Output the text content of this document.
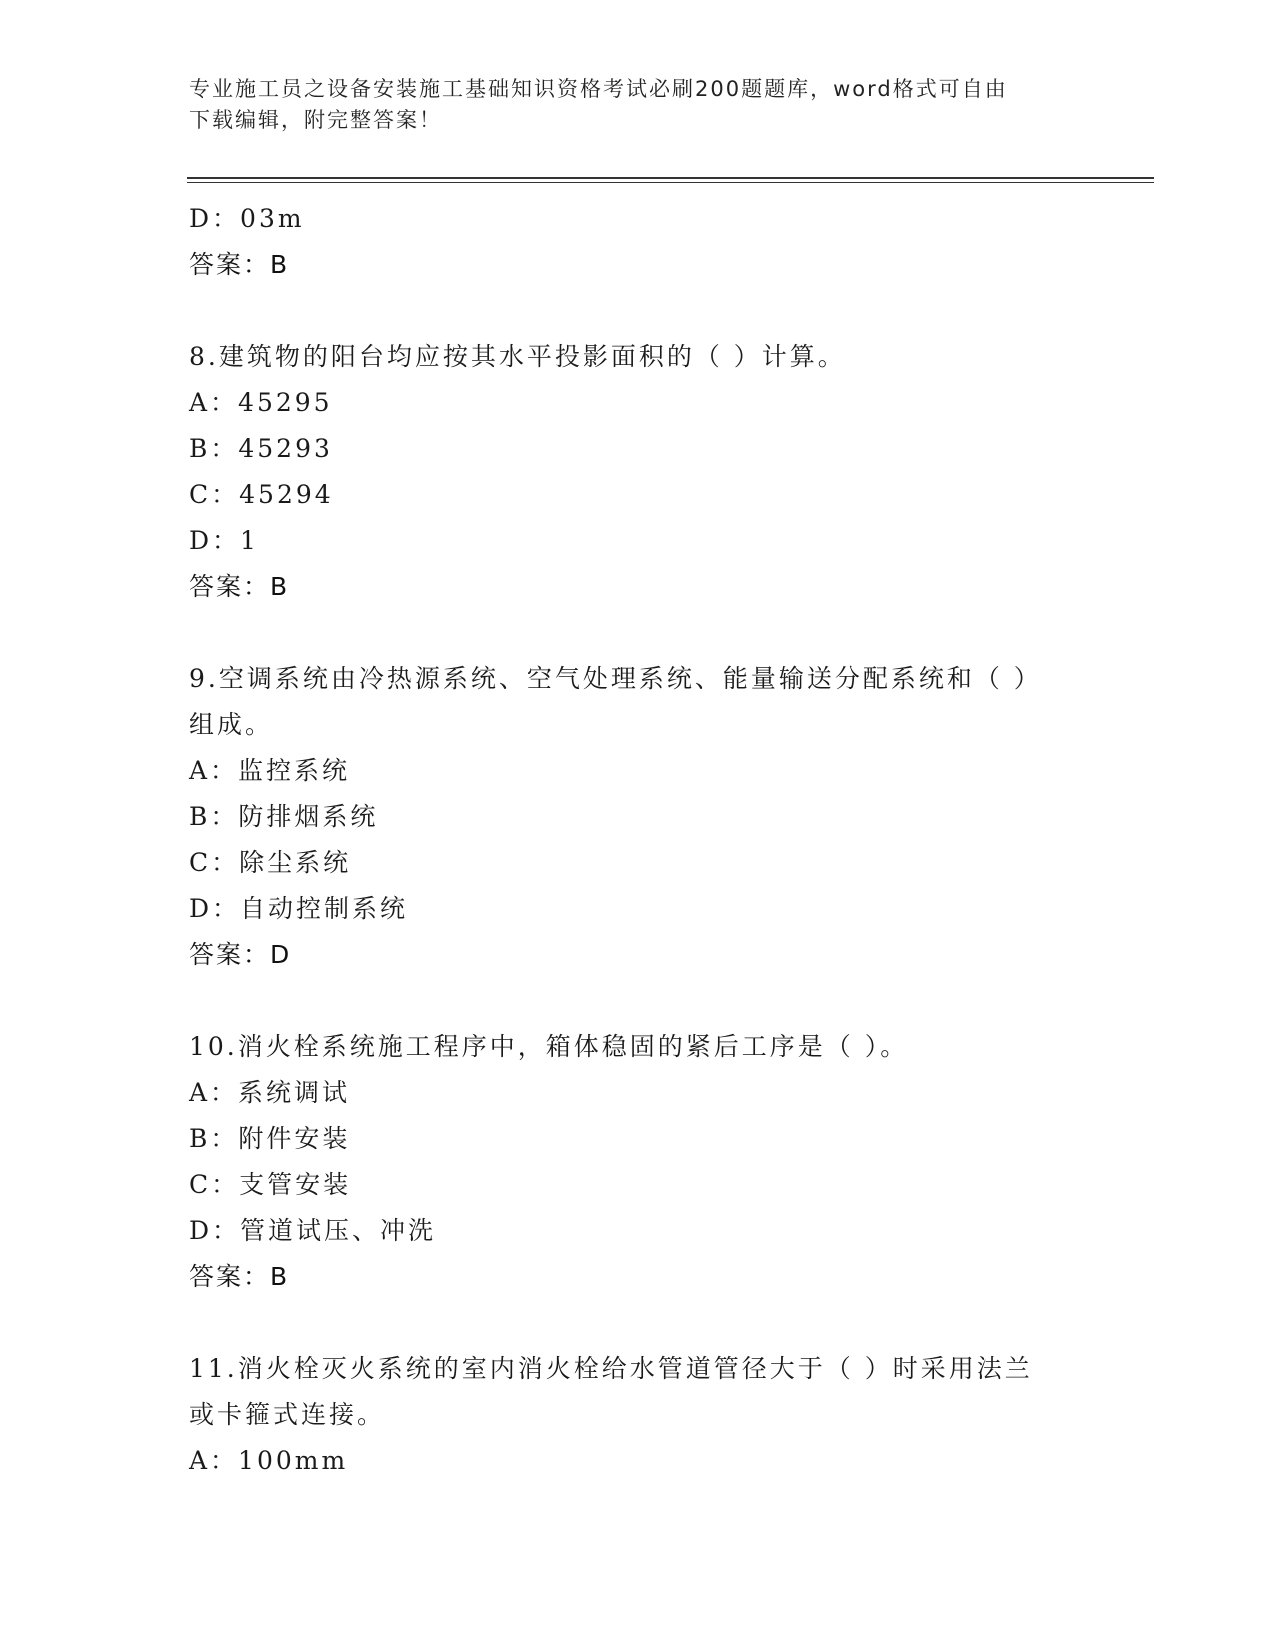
专业施工员之设备安装施工基础知识资格考试必刷200题题库，word格式可自由
下载编辑，附完整答案！
D：03m
答案：B
8.建筑物的阳台均应按其水平投影面积的（ ）计算。
A：45295
B：45293
C：45294
D：1
答案：B
9.空调系统由冷热源系统、空气处理系统、能量输送分配系统和（ ）
组成。
A：监控系统
B：防排烟系统
C：除尘系统
D：自动控制系统
答案：D
10.消火栓系统施工程序中，箱体稳固的紧后工序是（ ）。
A：系统调试
B：附件安装
C：支管安装
D：管道试压、冲洗
答案：B
11.消火栓灭火系统的室内消火栓给水管道管径大于（ ）时采用法兰
或卡箍式连接。
A：100mm
